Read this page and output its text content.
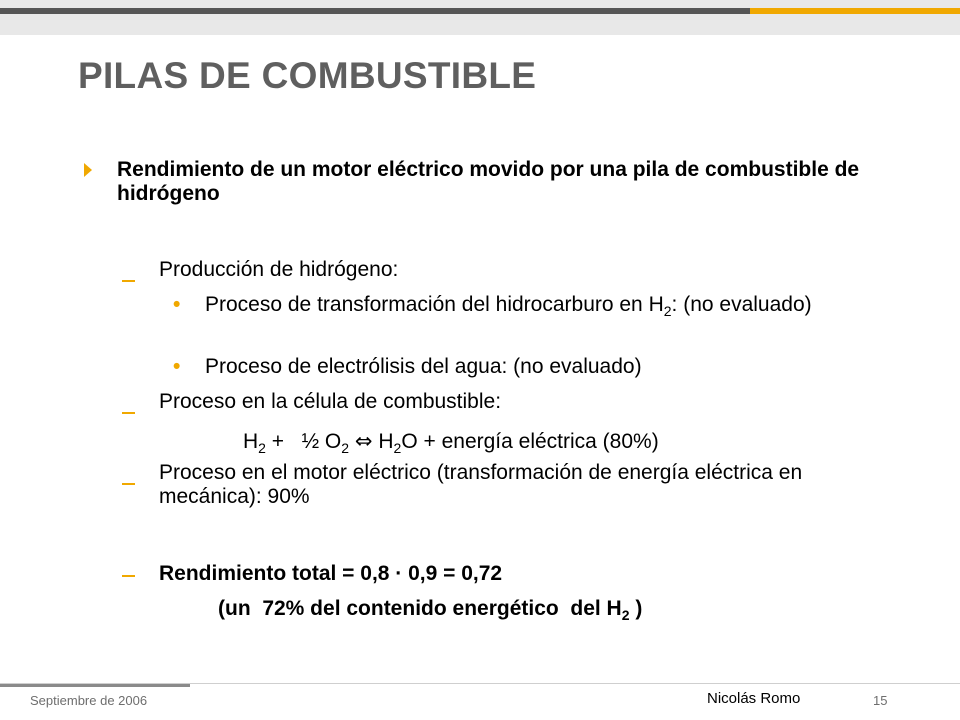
PILAS DE COMBUSTIBLE
Rendimiento de un motor eléctrico movido por una pila de combustible de hidrógeno
Producción de hidrógeno:
• Proceso de transformación del hidrocarburo en $H_2$: (no evaluado)
• Proceso de electrólisis del agua: (no evaluado)
Proceso en la célula de combustible:
$H_2$ +   ½ $O_2$ ⇔ $H_2O$ + energía eléctrica (80%)
Proceso en el motor eléctrico (transformación de energía eléctrica en mecánica): 90%
Rendimiento total = 0,8 · 0,9 = 0,72
(un  72% del contenido energético  del $H_2$ )
Septiembre de 2006	Nicolás Romo	15
